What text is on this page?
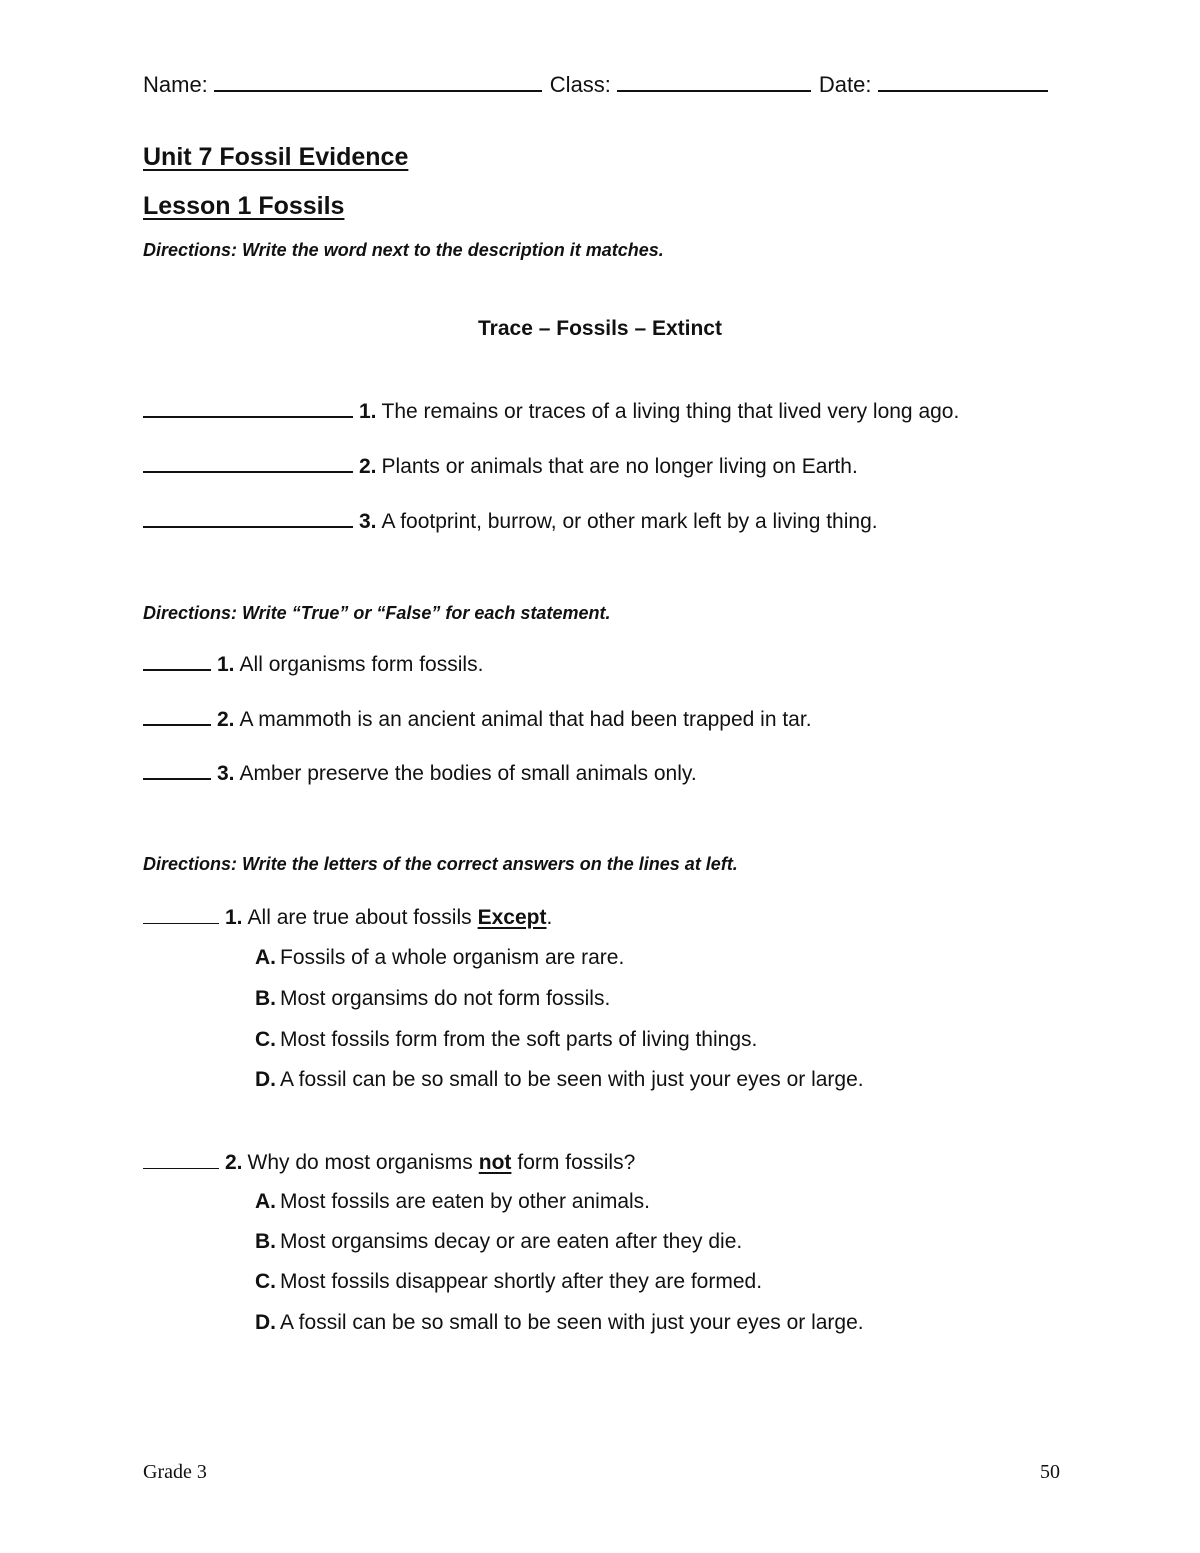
Name:	Class:	Date:
Unit 7 Fossil Evidence
Lesson 1 Fossils
Directions: Write the word next to the description it matches.
Trace – Fossils – Extinct
1. The remains or traces of a living thing that lived very long ago.
2. Plants or animals that are no longer living on Earth.
3. A footprint, burrow, or other mark left by a living thing.
Directions: Write “True” or “False” for each statement.
1. All organisms form fossils.
2. A mammoth is an ancient animal that had been trapped in tar.
3. Amber preserve the bodies of small animals only.
Directions: Write the letters of the correct answers on the lines at left.
1. All are true about fossils Except .
A. Fossils of a whole organism are rare.
B. Most organsims do not form fossils.
C. Most fossils form from the soft parts of living things.
D. A fossil can be so small to be seen with just your eyes or large.
2. Why do most organisms not form fossils?
A. Most fossils are eaten by other animals.
B. Most organsims decay or are eaten after they die.
C. Most fossils disappear shortly after they are formed.
D. A fossil can be so small to be seen with just your eyes or large.
Grade 3	50
